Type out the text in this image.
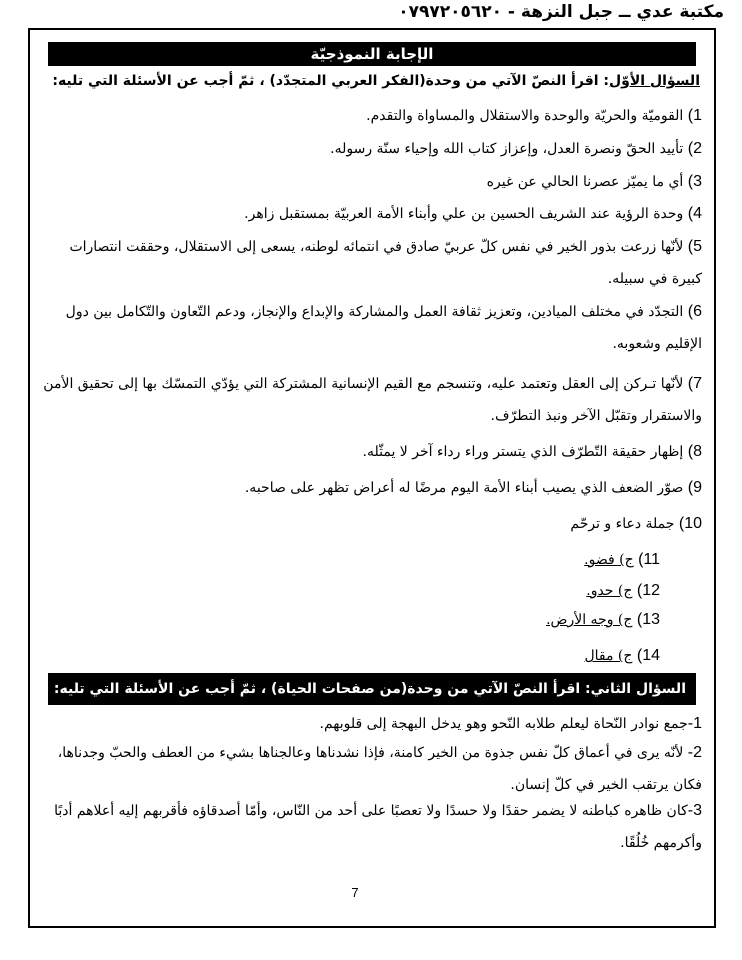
مكتبة عدي ــ جبل النزهة - ٠٧٩٧٢٠٥٦٢٠
الإجابة النموذجيّة
السؤال الأوّل: اقرأ النصّ الآتي من وحدة(الفكر العربي المتجدّد) ، ثمّ أجب عن الأسئلة التي تليه:
1) القوميّة والحريّة والوحدة والاستقلال والمساواة والتقدم.
2) تأييد الحقّ ونصرة العدل، وإعزاز كتاب الله وإحياء سنّة رسوله.
3) أي ما يميّز عصرنا الحالي عن غيره
4) وحدة الرؤية عند الشريف الحسين بن علي وأبناء الأمة العربيّة بمستقبل زاهر.
5) لأنّها زرعت بذور الخير في نفس كلّ عربيّ صادق في انتمائه لوطنه، يسعى إلى الاستقلال، وحققت انتصارات كبيرة في سبيله.
6) التجدّد في مختلف الميادين، وتعزيز ثقافة العمل والمشاركة والإبداع والإنجاز، ودعم التّعاون والتّكامل بين دول الإقليم وشعوبه.
7) لأنّها تـركن إلى العقل وتعتمد عليه، وتنسجم مع القيم الإنسانية المشتركة التي يؤدّي التمسّك بها إلى تحقيق الأمن والاستقرار وتقبّل الآخر ونبذ التطرّف.
8) إظهار حقيقة التّطرّف الذي يتستر وراء رداء آخر لا يمثّله.
9) صوّر الضعف الذي يصيب أبناء الأمة اليوم مرضًا له أعراض تظهر على صاحبه.
10) جملة دعاء و ترحّم
11) ج) فضو.
12) ج) حدو.
13) ج) وجه الأرض.
14) ج) مقال
السؤال الثاني: اقرأ النصّ الآتي من وحدة(من صفحات الحياة) ، ثمّ أجب عن الأسئلة التي تليه:
1-جمع نوادر النّحاة ليعلم طلابه النّحو وهو يدخل البهجة إلى قلوبهم.
2- لأنّه يرى في أعماق كلّ نفس جذوة من الخير كامنة، فإذا نشدناها وعالجناها بشيء من العطف والحبّ وجدناها، فكان يرتقب الخير في كلّ إنسان.
3-كان ظاهره كباطنه لا يضمر حقدًا ولا حسدًا ولا تعصبًا على أحد من النّاس، وأمّا أصدقاؤه فأقربهم إليه أعلاهم أدبًا وأكرمهم خُلُقًا.
7
